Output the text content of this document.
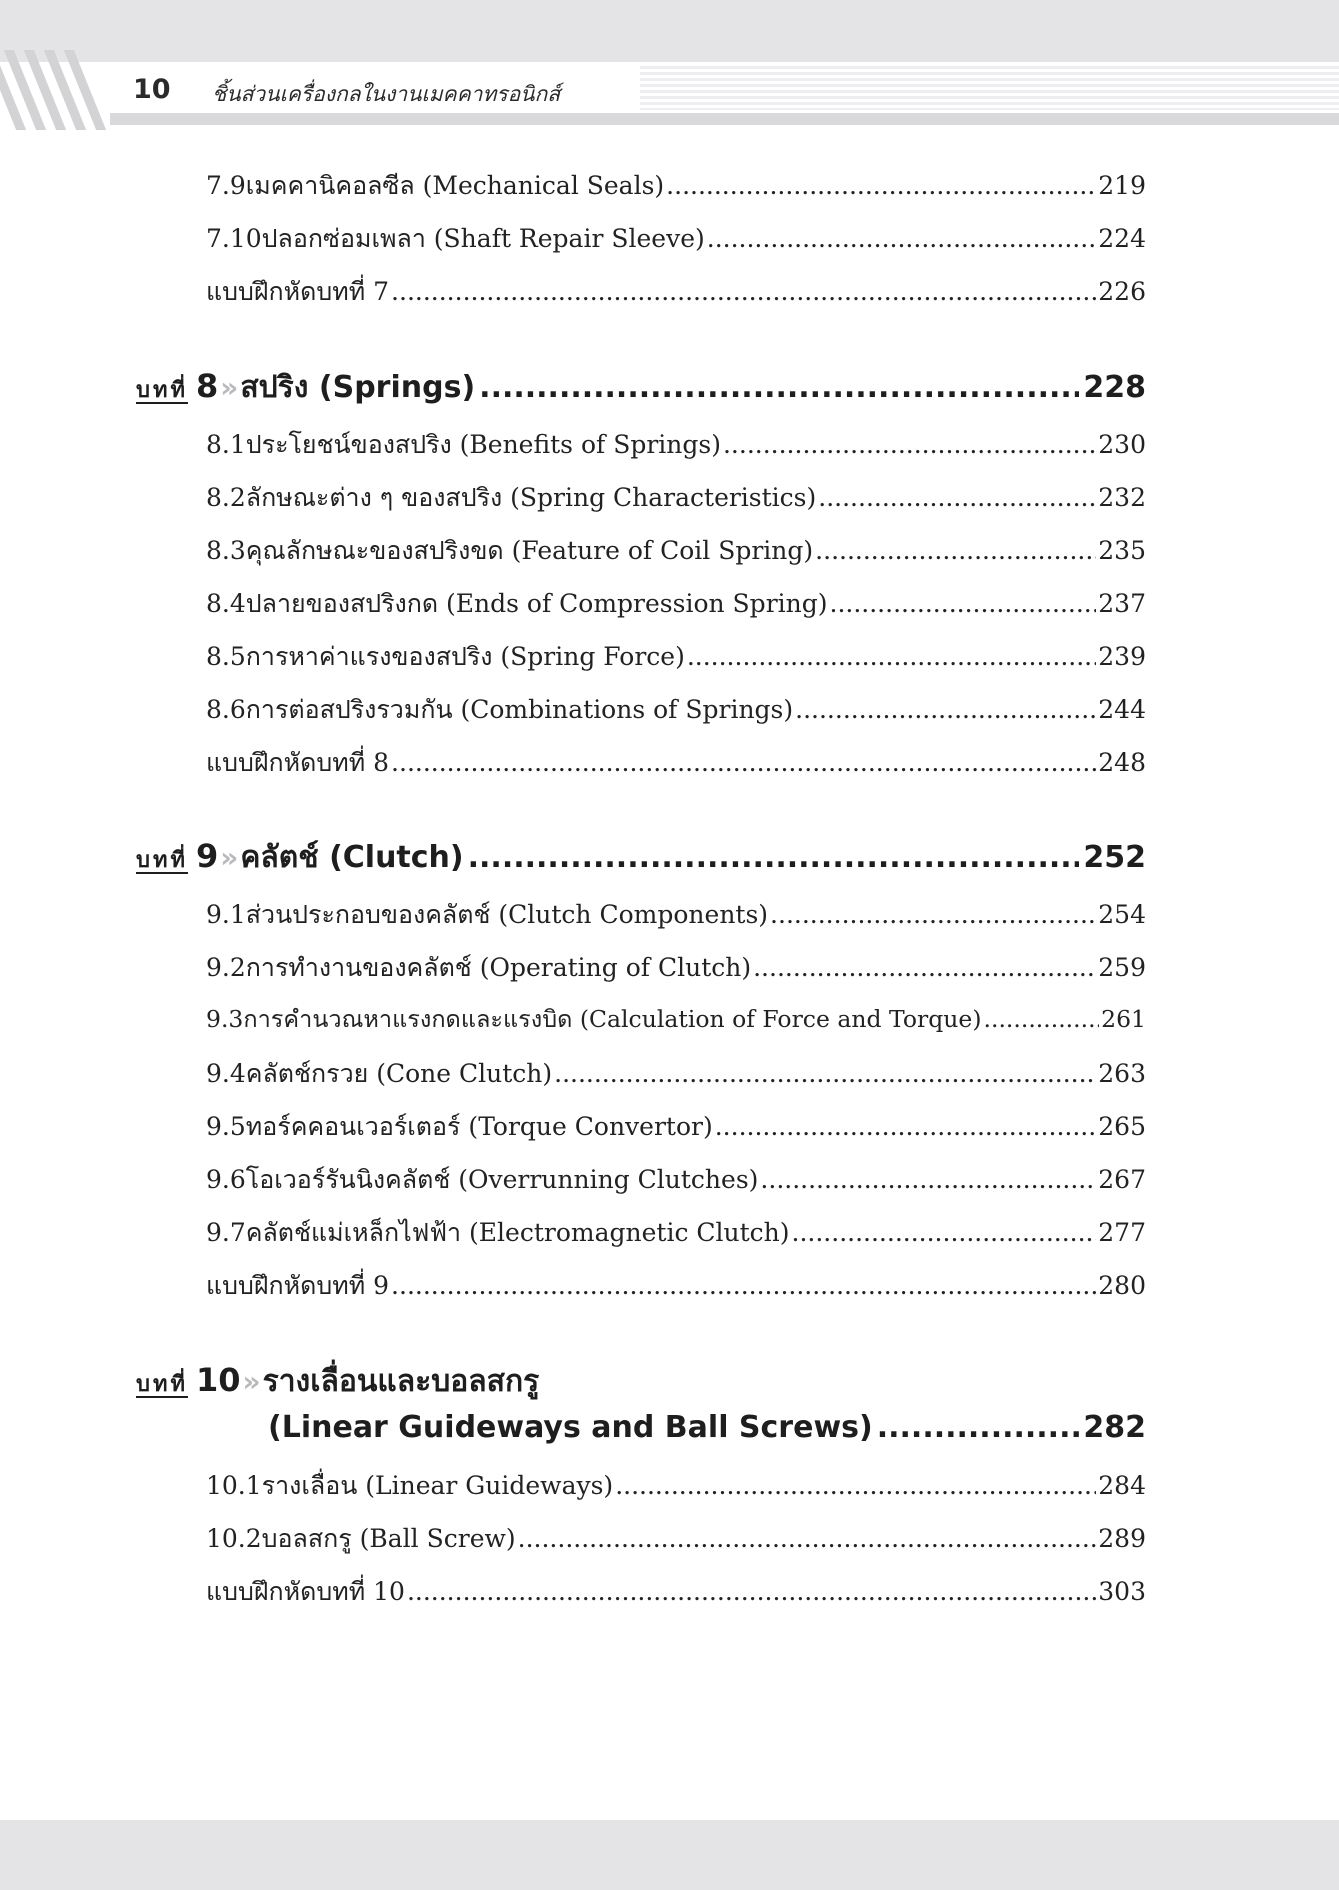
10 ชิ้นส่วนเครื่องกลในงานเมคคาทรอนิกส์
7.9 เมคคานิคอลซีล (Mechanical Seals) .....	219
7.10 ปลอกซ่อมเพลา (Shaft Repair Sleeve) .....	224
แบบฝึกหัดบทที่ 7 .....	226
บทที่ 8 » สปริง (Springs) .....	228
8.1 ประโยชน์ของสปริง (Benefits of Springs) .....	230
8.2 ลักษณะต่าง ๆ ของสปริง (Spring Characteristics) .....	232
8.3 คุณลักษณะของสปริงขด (Feature of Coil Spring) .....	235
8.4 ปลายของสปริงกด (Ends of Compression Spring) .....	237
8.5 การหาค่าแรงของสปริง (Spring Force) .....	239
8.6 การต่อสปริงรวมกัน (Combinations of Springs) .....	244
แบบฝึกหัดบทที่ 8 .....	248
บทที่ 9 » คลัตช์ (Clutch) .....	252
9.1 ส่วนประกอบของคลัตช์ (Clutch Components) .....	254
9.2 การทำงานของคลัตช์ (Operating of Clutch) .....	259
9.3 การคำนวณหาแรงกดและแรงบิด (Calculation of Force and Torque) .....	261
9.4 คลัตช์กรวย (Cone Clutch) .....	263
9.5 ทอร์คคอนเวอร์เตอร์ (Torque Convertor) .....	265
9.6 โอเวอร์รันนิงคลัตช์ (Overrunning Clutches) .....	267
9.7 คลัตช์แม่เหล็กไฟฟ้า (Electromagnetic Clutch) .....	277
แบบฝึกหัดบทที่ 9 .....	280
บทที่ 10 » รางเลื่อนและบอลสกรู
(Linear Guideways and Ball Screws) .....	282
10.1 รางเลื่อน (Linear Guideways) .....	284
10.2 บอลสกรู (Ball Screw) .....	289
แบบฝึกหัดบทที่ 10 .....	303
